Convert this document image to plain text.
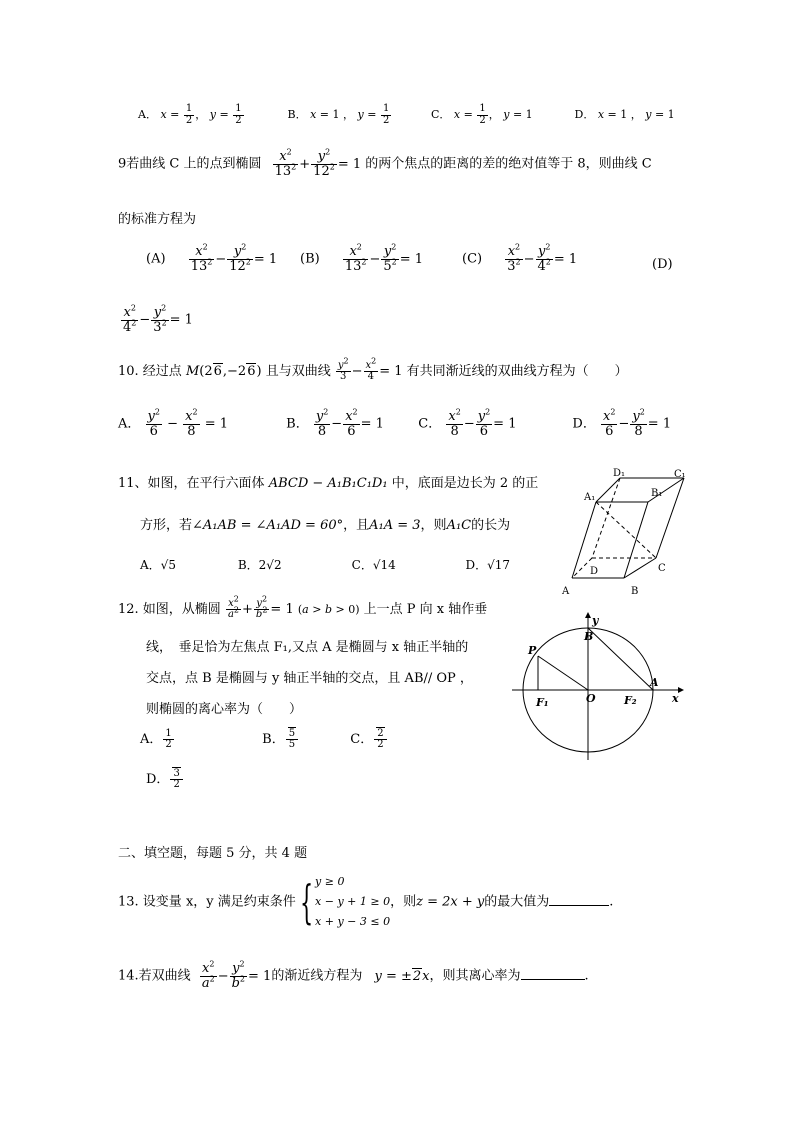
A． $x = \frac{1}{2}$ ， $y = \frac{1}{2}$	B． x = 1 ， $y = \frac{1}{2}$	C． $x = \frac{1}{2}$ ， y = 1	D． x = 1 ， y = 1
9若曲线 C 上的点到椭圆 $\frac{x^2}{13^2} + \frac{y^2}{12^2} = 1$ 的两个焦点的距离的差的绝对值等于 8，则曲线 C
的标准方程为
$(A) \frac{x^2}{13^2} - \frac{y^2}{12^2} = 1$ $(B) \frac{x^2}{13^2} - \frac{y^2}{5^2} = 1$	$(C) \frac{x^2}{3^2} - \frac{y^2}{4^2} = 1$	(D)
$\frac{x^2}{4^2} - \frac{y^2}{3^2} = 1$
10. 经过点 M(26,−26) 且与双曲线 $\frac{y^2}{3} - \frac{x^2}{4} = 1$ 有共同渐近线的双曲线方程为（　　）
A． $\frac{y^2}{6} - \frac{x^2}{8} = 1$	B． $\frac{y^2}{8} - \frac{x^2}{6} = 1$	C． $\frac{x^2}{8} - \frac{y^2}{6} = 1$	D． $\frac{x^2}{6} - \frac{y^2}{8} = 1$
11、如图，在平行六面体 ABCD − A₁B₁C₁D₁ 中，底面是边长为 2 的正
方形，若∠A₁AB = ∠A₁AD = 60°，且A₁A = 3，则A₁C的长为
A．√5	B．2√2	C．√14	D．√17
D₁	C₁
A₁	B₁
D	C
A	B
12. 如图，从椭圆 $\frac{x^2}{a^2} + \frac{y^2}{b^2} = 1$ (a > b > 0) 上一点 P 向 x 轴作垂
线，　垂足恰为左焦点 F₁,又点 A 是椭圆与 x 轴正半轴的
交点，点 B 是椭圆与 y 轴正半轴的交点，且 AB// OP ，
则椭圆的离心率为（　　）
A． $\frac{1}{2}$	B． $\frac{5}{5}$	C． $\frac{2}{2}$
D． $\frac{3}{2}$
y
B
P
F₁	O	F₂
A
x
二、填空题，每题 5 分，共 4 题
13. 设变量 x，y 满足约束条件{ y ≥ 0
x − y + 1 ≥ 0
x + y − 3 ≤ 0
，则z = 2x + y的最大值为	.
14.若双曲线 $\frac{x^2}{a^2} - \frac{y^2}{b^2} = 1$的渐近线方程为 y = ±2x，则其离心率为	.
